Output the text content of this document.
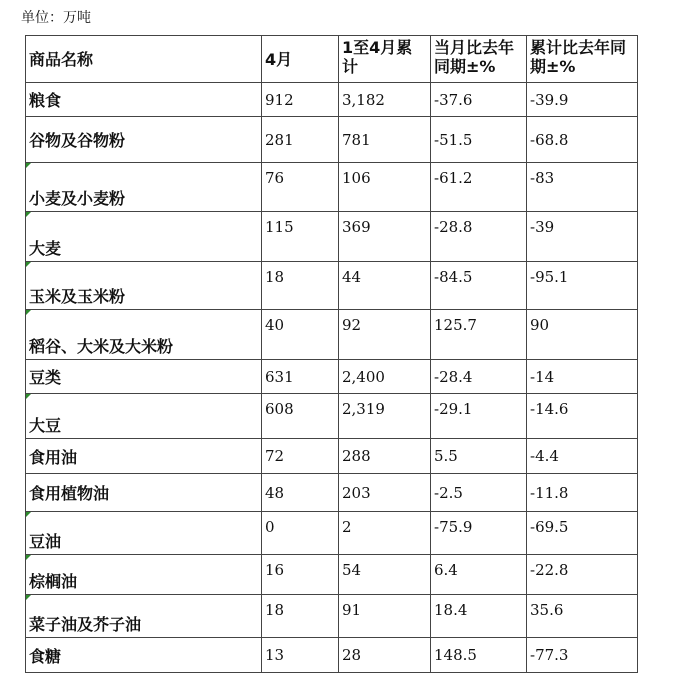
单位：万吨
商品名称	4月	1至4月累计	当月比去年同期±%	累计比去年同期±%
粮食	912	3,182	-37.6	-39.9
谷物及谷物粉	281	781	-51.5	-68.8

小麦及小麦粉	76	106	-61.2	-83

大麦	115	369	-28.8	-39

玉米及玉米粉	18	44	-84.5	-95.1

稻谷、大米及大米粉	40	92	125.7	90
豆类	631	2,400	-28.4	-14

大豆	608	2,319	-29.1	-14.6
食用油	72	288	5.5	-4.4
食用植物油	48	203	-2.5	-11.8

豆油	0	2	-75.9	-69.5

棕榈油	16	54	6.4	-22.8

菜子油及芥子油	18	91	18.4	35.6
食糖	13	28	148.5	-77.3
